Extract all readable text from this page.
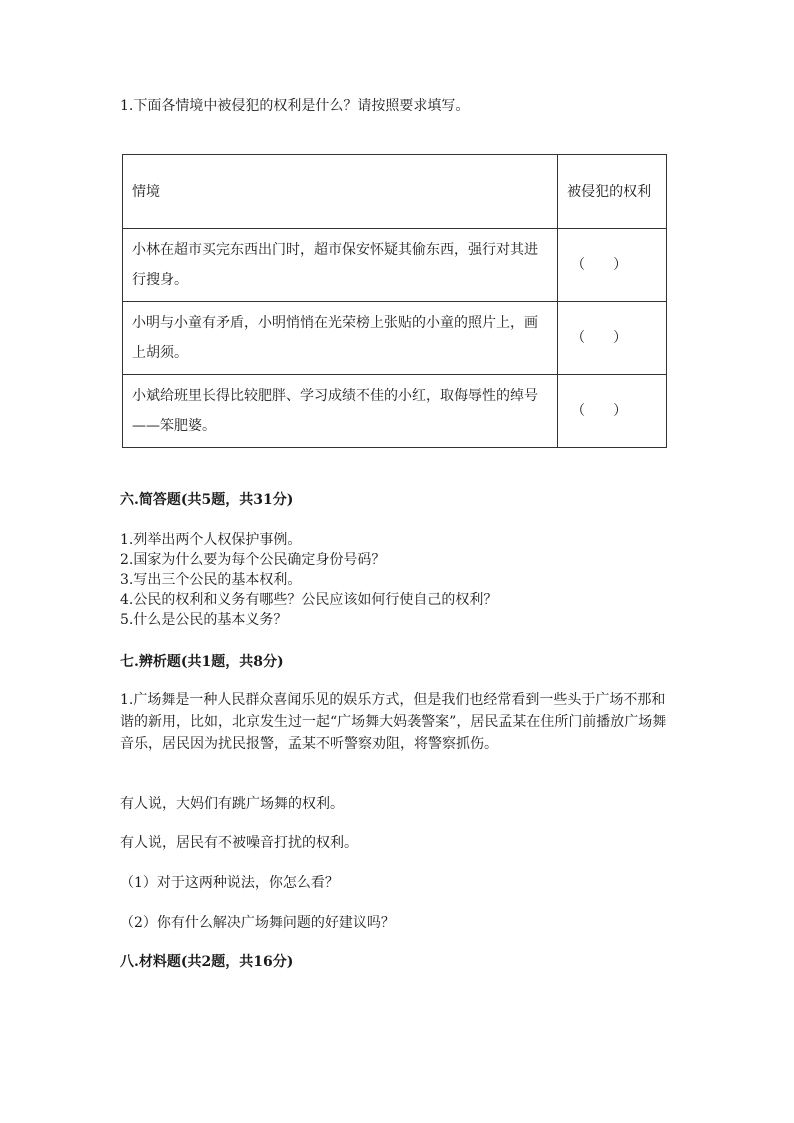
1.下面各情境中被侵犯的权利是什么？请按照要求填写。
情境	被侵犯的权利
小林在超市买完东西出门时，超市保安怀疑其偷东西，强行对其进行搜身。	（　　）
小明与小童有矛盾，小明悄悄在光荣榜上张贴的小童的照片上，画上胡须。	（　　）
小斌给班里长得比较肥胖、学习成绩不佳的小红，取侮辱性的绰号——笨肥婆。	（　　）
六.简答题(共5题，共31分)
1.列举出两个人权保护事例。
2.国家为什么要为每个公民确定身份号码？
3.写出三个公民的基本权利。
4.公民的权利和义务有哪些？公民应该如何行使自己的权利？
5.什么是公民的基本义务？
七.辨析题(共1题，共8分)

1.广场舞是一种人民群众喜闻乐见的娱乐方式，但是我们也经常看到一些头于广场不那和谐的新用，比如，北京发生过一起“广场舞大妈袭警案”，居民孟某在住所门前播放广场舞音乐，居民因为扰民报警，孟某不听警察劝阻，将警察抓伤。

有人说，大妈们有跳广场舞的权利。
有人说，居民有不被噪音打扰的权利。
（1）对于这两种说法，你怎么看？
（2）你有什么解决广场舞问题的好建议吗？
八.材料题(共2题，共16分)
